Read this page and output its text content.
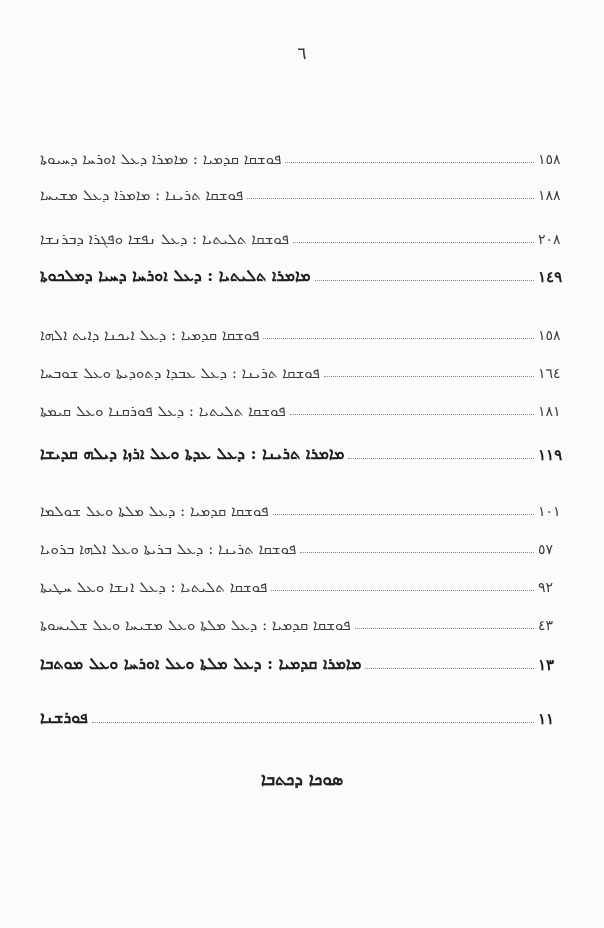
٦
ܦܘܫܩܐ ܩܕܡܝܐ : ܡܐܡܪܐ ܕܥܠ ܐܘܪܚܐ ܕܚܝܘܬܐ	١٥٨
ܦܘܫܩܐ ܬܪܝܢܐ : ܡܐܡܪܐ ܕܥܠ ܡܫܝܚܐ	١٨٨
ܦܘܫܩܐ ܬܠܝܬܝܐ : ܕܥܠ ܢܦܫܐ ܘܦܓܪܐ ܕܒܪܢܫܐ	٢٠٨
ܡܐܡܪܐ ܬܠܝܬܝܐ : ܕܥܠ ܐܘܪܚܐ ܕܚܝܐ ܕܡܠܟܘܬܐ	١٤٩
ܦܘܫܩܐ ܩܕܡܝܐ : ܕܥܠ ܐܝܟܢܐ ܕܐܝܬ ܐܠܗܐ	١٥٨
ܦܘܫܩܐ ܬܪܝܢܐ : ܕܥܠ ܥܒܕܐ ܕܬܘܕܝܬܐ ܘܥܠ ܫܘܒܚܐ	١٦٤
ܦܘܫܩܐ ܬܠܝܬܝܐ : ܕܥܠ ܦܘܪܩܢܐ ܘܥܠ ܩܝܡܬܐ	١٨١
ܡܐܡܪܐ ܬܪܝܢܐ : ܕܥܠ ܥܕܬܐ ܘܥܠ ܐܪܙܐ ܕܝܠܗ ܩܕܝܫܐ	١١٩
ܦܘܫܩܐ ܩܕܡܝܐ : ܕܥܠ ܡܠܬܐ ܘܥܠ ܫܘܠܡܐ	١٠١
ܦܘܫܩܐ ܬܪܝܢܐ : ܕܥܠ ܒܪܝܬܐ ܘܥܠ ܐܠܗܐ ܒܪܘܝܐ	٥٧
ܦܘܫܩܐ ܬܠܝܬܝܐ : ܕܥܠ ܐܢܫܐ ܘܥܠ ܚܛܝܬܐ	٩٢
ܦܘܫܩܐ ܩܕܡܝܐ : ܕܥܠ ܡܠܬܐ ܘܥܠ ܡܫܝܚܐ ܘܥܠ ܫܠܝܚܘܬܐ	٤٣
ܡܐܡܪܐ ܩܕܡܝܐ : ܕܥܠ ܡܠܬܐ ܘܥܠ ܐܘܪܚܐ ܘܥܠ ܡܘܬܒܐ	١٣
ܦܘܪܫܢܐ	١١
ܣܘܟܐ ܕܟܬܒܐ
